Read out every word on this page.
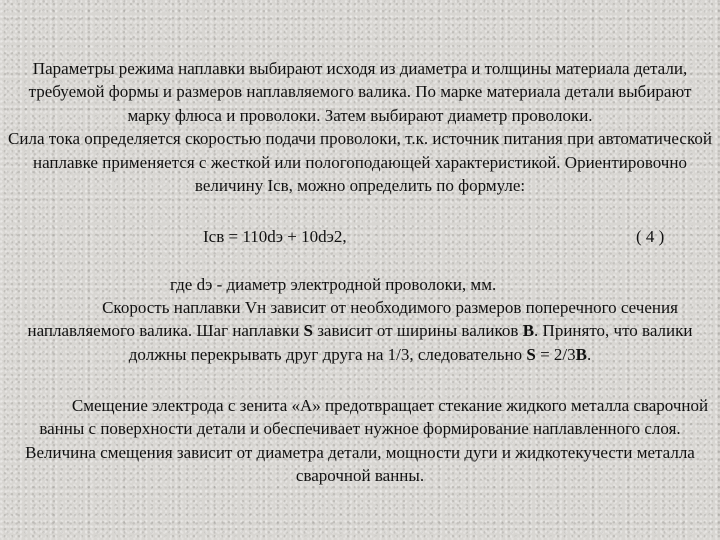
Параметры режима наплавки выбирают исходя из диаметра и толщины материала детали, требуемой формы и размеров наплавляемого валика. По марке материала детали выбирают марку флюса и проволоки. Затем выбирают диаметр проволоки.
Сила тока определяется скоростью подачи проволоки, т.к. источник питания при автоматической наплавке применяется с жесткой или пологоподающей характеристикой. Ориентировочно величину Iсв, можно определить по формуле:
Iсв = 110dэ + 10dэ2,	( 4 )
где dэ - диаметр электродной проволоки, мм.
Скорость наплавки Vн зависит от необходимого размеров поперечного сечения наплавляемого валика. Шаг наплавки S зависит от ширины валиков В. Принято, что валики должны перекрывать друг друга на 1/3, следовательно S = 2/3В.
Смещение электрода с зенита «А» предотвращает стекание жидкого металла сварочной ванны с поверхности детали и обеспечивает нужное формирование наплавленного слоя. Величина смещения зависит от диаметра детали, мощности дуги и жидкотекучести металла сварочной ванны.
